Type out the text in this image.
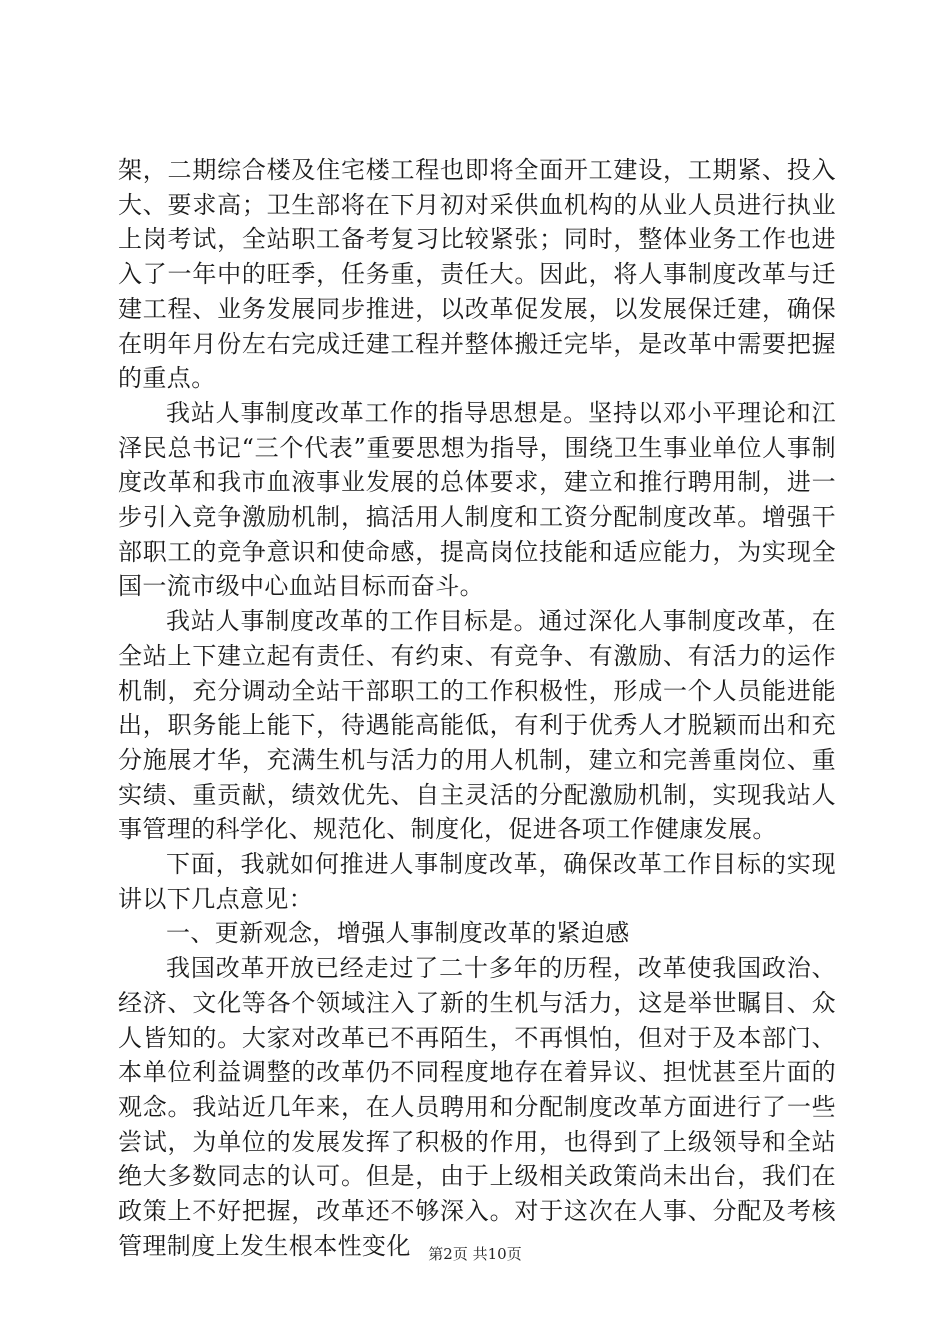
架，二期综合楼及住宅楼工程也即将全面开工建设，工期紧、投入大、要求高；卫生部将在下月初对采供血机构的从业人员进行执业上岗考试，全站职工备考复习比较紧张；同时，整体业务工作也进入了一年中的旺季，任务重，责任大。因此，将人事制度改革与迁建工程、业务发展同步推进，以改革促发展，以发展保迁建，确保在明年月份左右完成迁建工程并整体搬迁完毕，是改革中需要把握的重点。

我站人事制度改革工作的指导思想是。坚持以邓小平理论和江泽民总书记“三个代表”重要思想为指导，围绕卫生事业单位人事制度改革和我市血液事业发展的总体要求，建立和推行聘用制，进一步引入竞争激励机制，搞活用人制度和工资分配制度改革。增强干部职工的竞争意识和使命感，提高岗位技能和适应能力，为实现全国一流市级中心血站目标而奋斗。

我站人事制度改革的工作目标是。通过深化人事制度改革，在全站上下建立起有责任、有约束、有竞争、有激励、有活力的运作机制，充分调动全站干部职工的工作积极性，形成一个人员能进能出，职务能上能下，待遇能高能低，有利于优秀人才脱颖而出和充分施展才华，充满生机与活力的用人机制，建立和完善重岗位、重实绩、重贡献，绩效优先、自主灵活的分配激励机制，实现我站人事管理的科学化、规范化、制度化，促进各项工作健康发展。

下面，我就如何推进人事制度改革，确保改革工作目标的实现讲以下几点意见：

一、更新观念，增强人事制度改革的紧迫感

我国改革开放已经走过了二十多年的历程，改革使我国政治、经济、文化等各个领域注入了新的生机与活力，这是举世瞩目、众人皆知的。大家对改革已不再陌生，不再惧怕，但对于及本部门、本单位利益调整的改革仍不同程度地存在着异议、担忧甚至片面的观念。我站近几年来，在人员聘用和分配制度改革方面进行了一些尝试，为单位的发展发挥了积极的作用，也得到了上级领导和全站绝大多数同志的认可。但是，由于上级相关政策尚未出台，我们在政策上不好把握，改革还不够深入。对于这次在人事、分配及考核管理制度上发生根本性变化	第2页 共10页
